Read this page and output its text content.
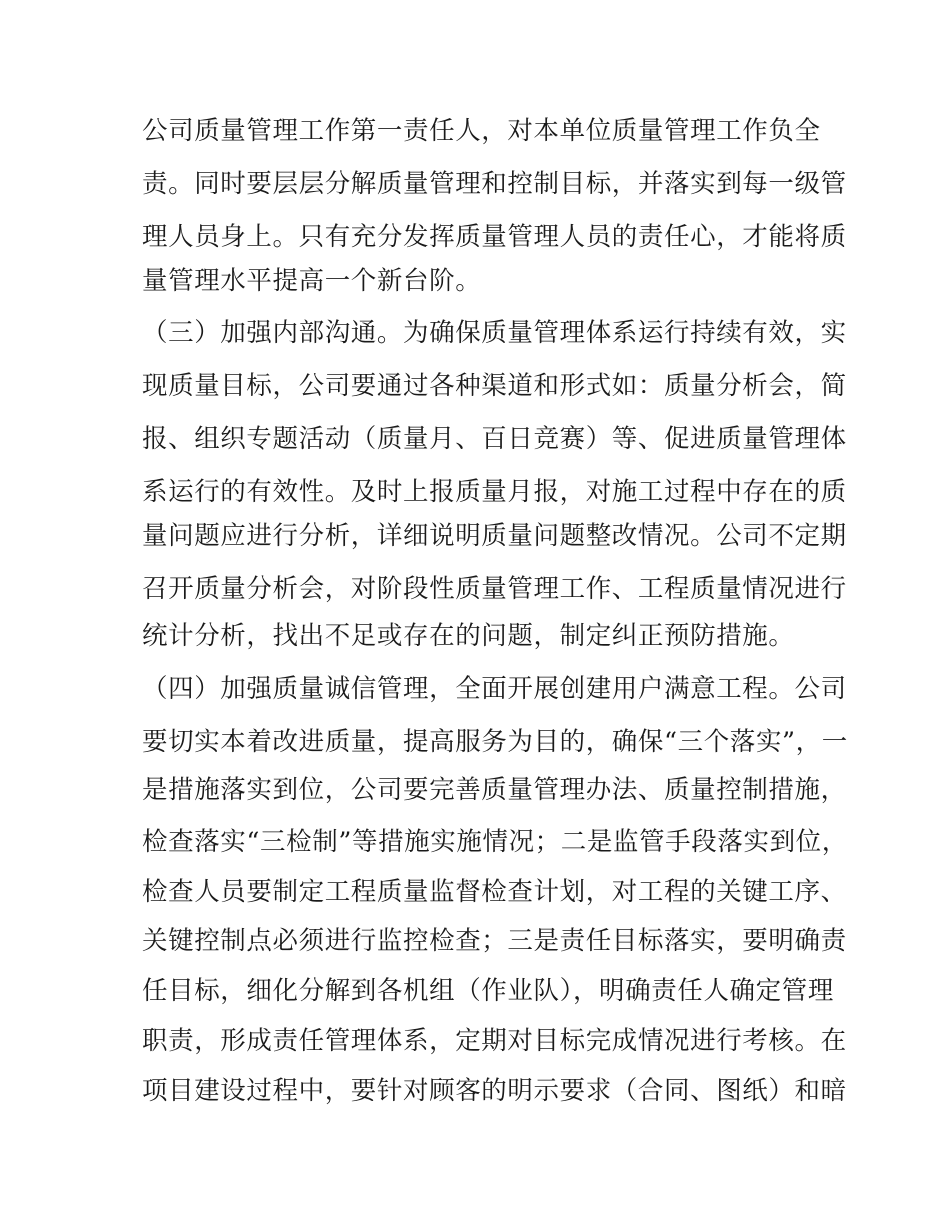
公司质量管理工作第一责任人，对本单位质量管理工作负全
责。同时要层层分解质量管理和控制目标，并落实到每一级管
理人员身上。只有充分发挥质量管理人员的责任心，才能将质
量管理水平提高一个新台阶。
（三）加强内部沟通。为确保质量管理体系运行持续有效，实
现质量目标，公司要通过各种渠道和形式如：质量分析会，简
报、组织专题活动（质量月、百日竞赛）等、促进质量管理体
系运行的有效性。及时上报质量月报，对施工过程中存在的质
量问题应进行分析，详细说明质量问题整改情况。公司不定期
召开质量分析会，对阶段性质量管理工作、工程质量情况进行
统计分析，找出不足或存在的问题，制定纠正预防措施。
（四）加强质量诚信管理，全面开展创建用户满意工程。公司
要切实本着改进质量，提高服务为目的，确保“三个落实”，一
是措施落实到位，公司要完善质量管理办法、质量控制措施，
检查落实“三检制”等措施实施情况；二是监管手段落实到位，
检查人员要制定工程质量监督检查计划，对工程的关键工序、
关键控制点必须进行监控检查；三是责任目标落实，要明确责
任目标，细化分解到各机组（作业队），明确责任人确定管理
职责，形成责任管理体系，定期对目标完成情况进行考核。在
项目建设过程中，要针对顾客的明示要求（合同、图纸）和暗
